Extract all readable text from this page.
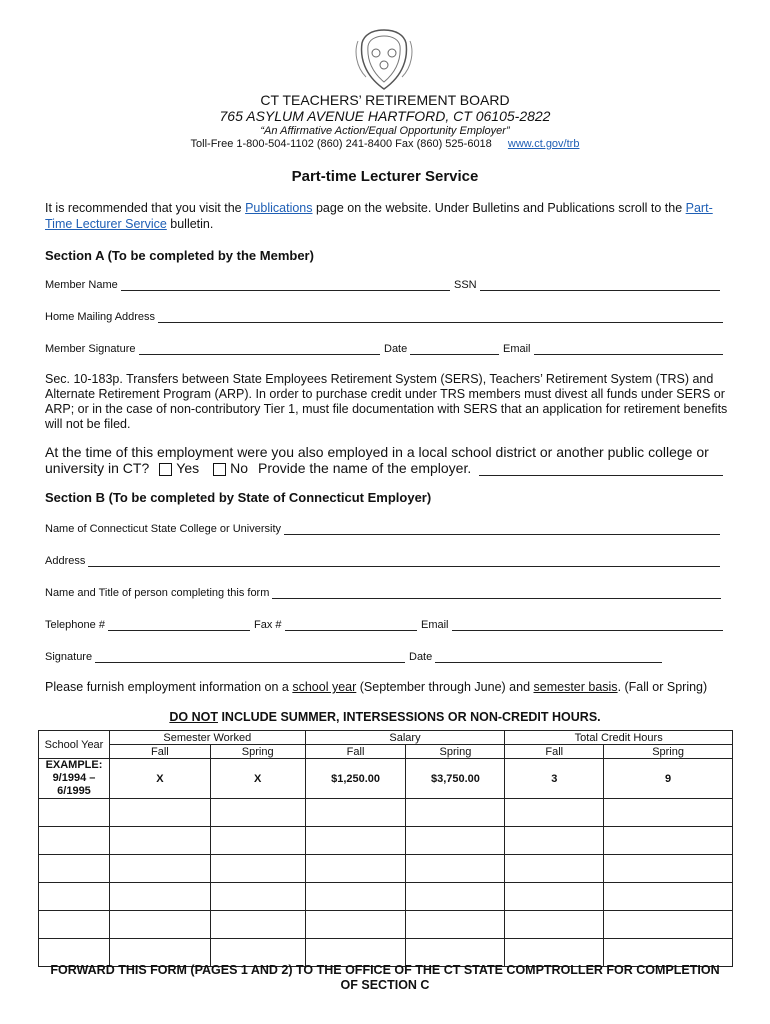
CT TEACHERS’ RETIREMENT BOARD
765 ASYLUM AVENUE HARTFORD, CT 06105-2822
“An Affirmative Action/Equal Opportunity Employer”
Toll-Free 1-800-504-1102 (860) 241-8400 Fax (860) 525-6018 www.ct.gov/trb
Part-time Lecturer Service
It is recommended that you visit the Publications page on the website. Under Bulletins and Publications scroll to the Part-Time Lecturer Service bulletin.
Section A (To be completed by the Member)
Member Name	SSN
Home Mailing Address
Member Signature	Date	Email
Sec. 10-183p. Transfers between State Employees Retirement System (SERS), Teachers’ Retirement System (TRS) and Alternate Retirement Program (ARP). In order to purchase credit under TRS members must divest all funds under SERS or ARP; or in the case of non-contributory Tier 1, must file documentation with SERS that an application for retirement benefits will not be filed.
At the time of this employment were you also employed in a local school district or another public college or
university in CT? Yes No Provide the name of the employer.
Section B (To be completed by State of Connecticut Employer)
Name of Connecticut State College or University
Address
Name and Title of person completing this form
Telephone #	Fax #	Email
Signature	Date
Please furnish employment information on a school year (September through June) and semester basis. (Fall or Spring)
DO NOT INCLUDE SUMMER, INTERSESSIONS OR NON-CREDIT HOURS.
School Year	Semester Worked		Salary		Total Credit Hours	
	Fall	Spring	Fall	Spring	Fall	Spring

EXAMPLE:
9/1994 – 6/1995	X	X	$1,250.00	$3,750.00	3	9

FORWARD THIS FORM (PAGES 1 AND 2) TO THE OFFICE OF THE CT STATE COMPTROLLER FOR COMPLETION
OF SECTION C
